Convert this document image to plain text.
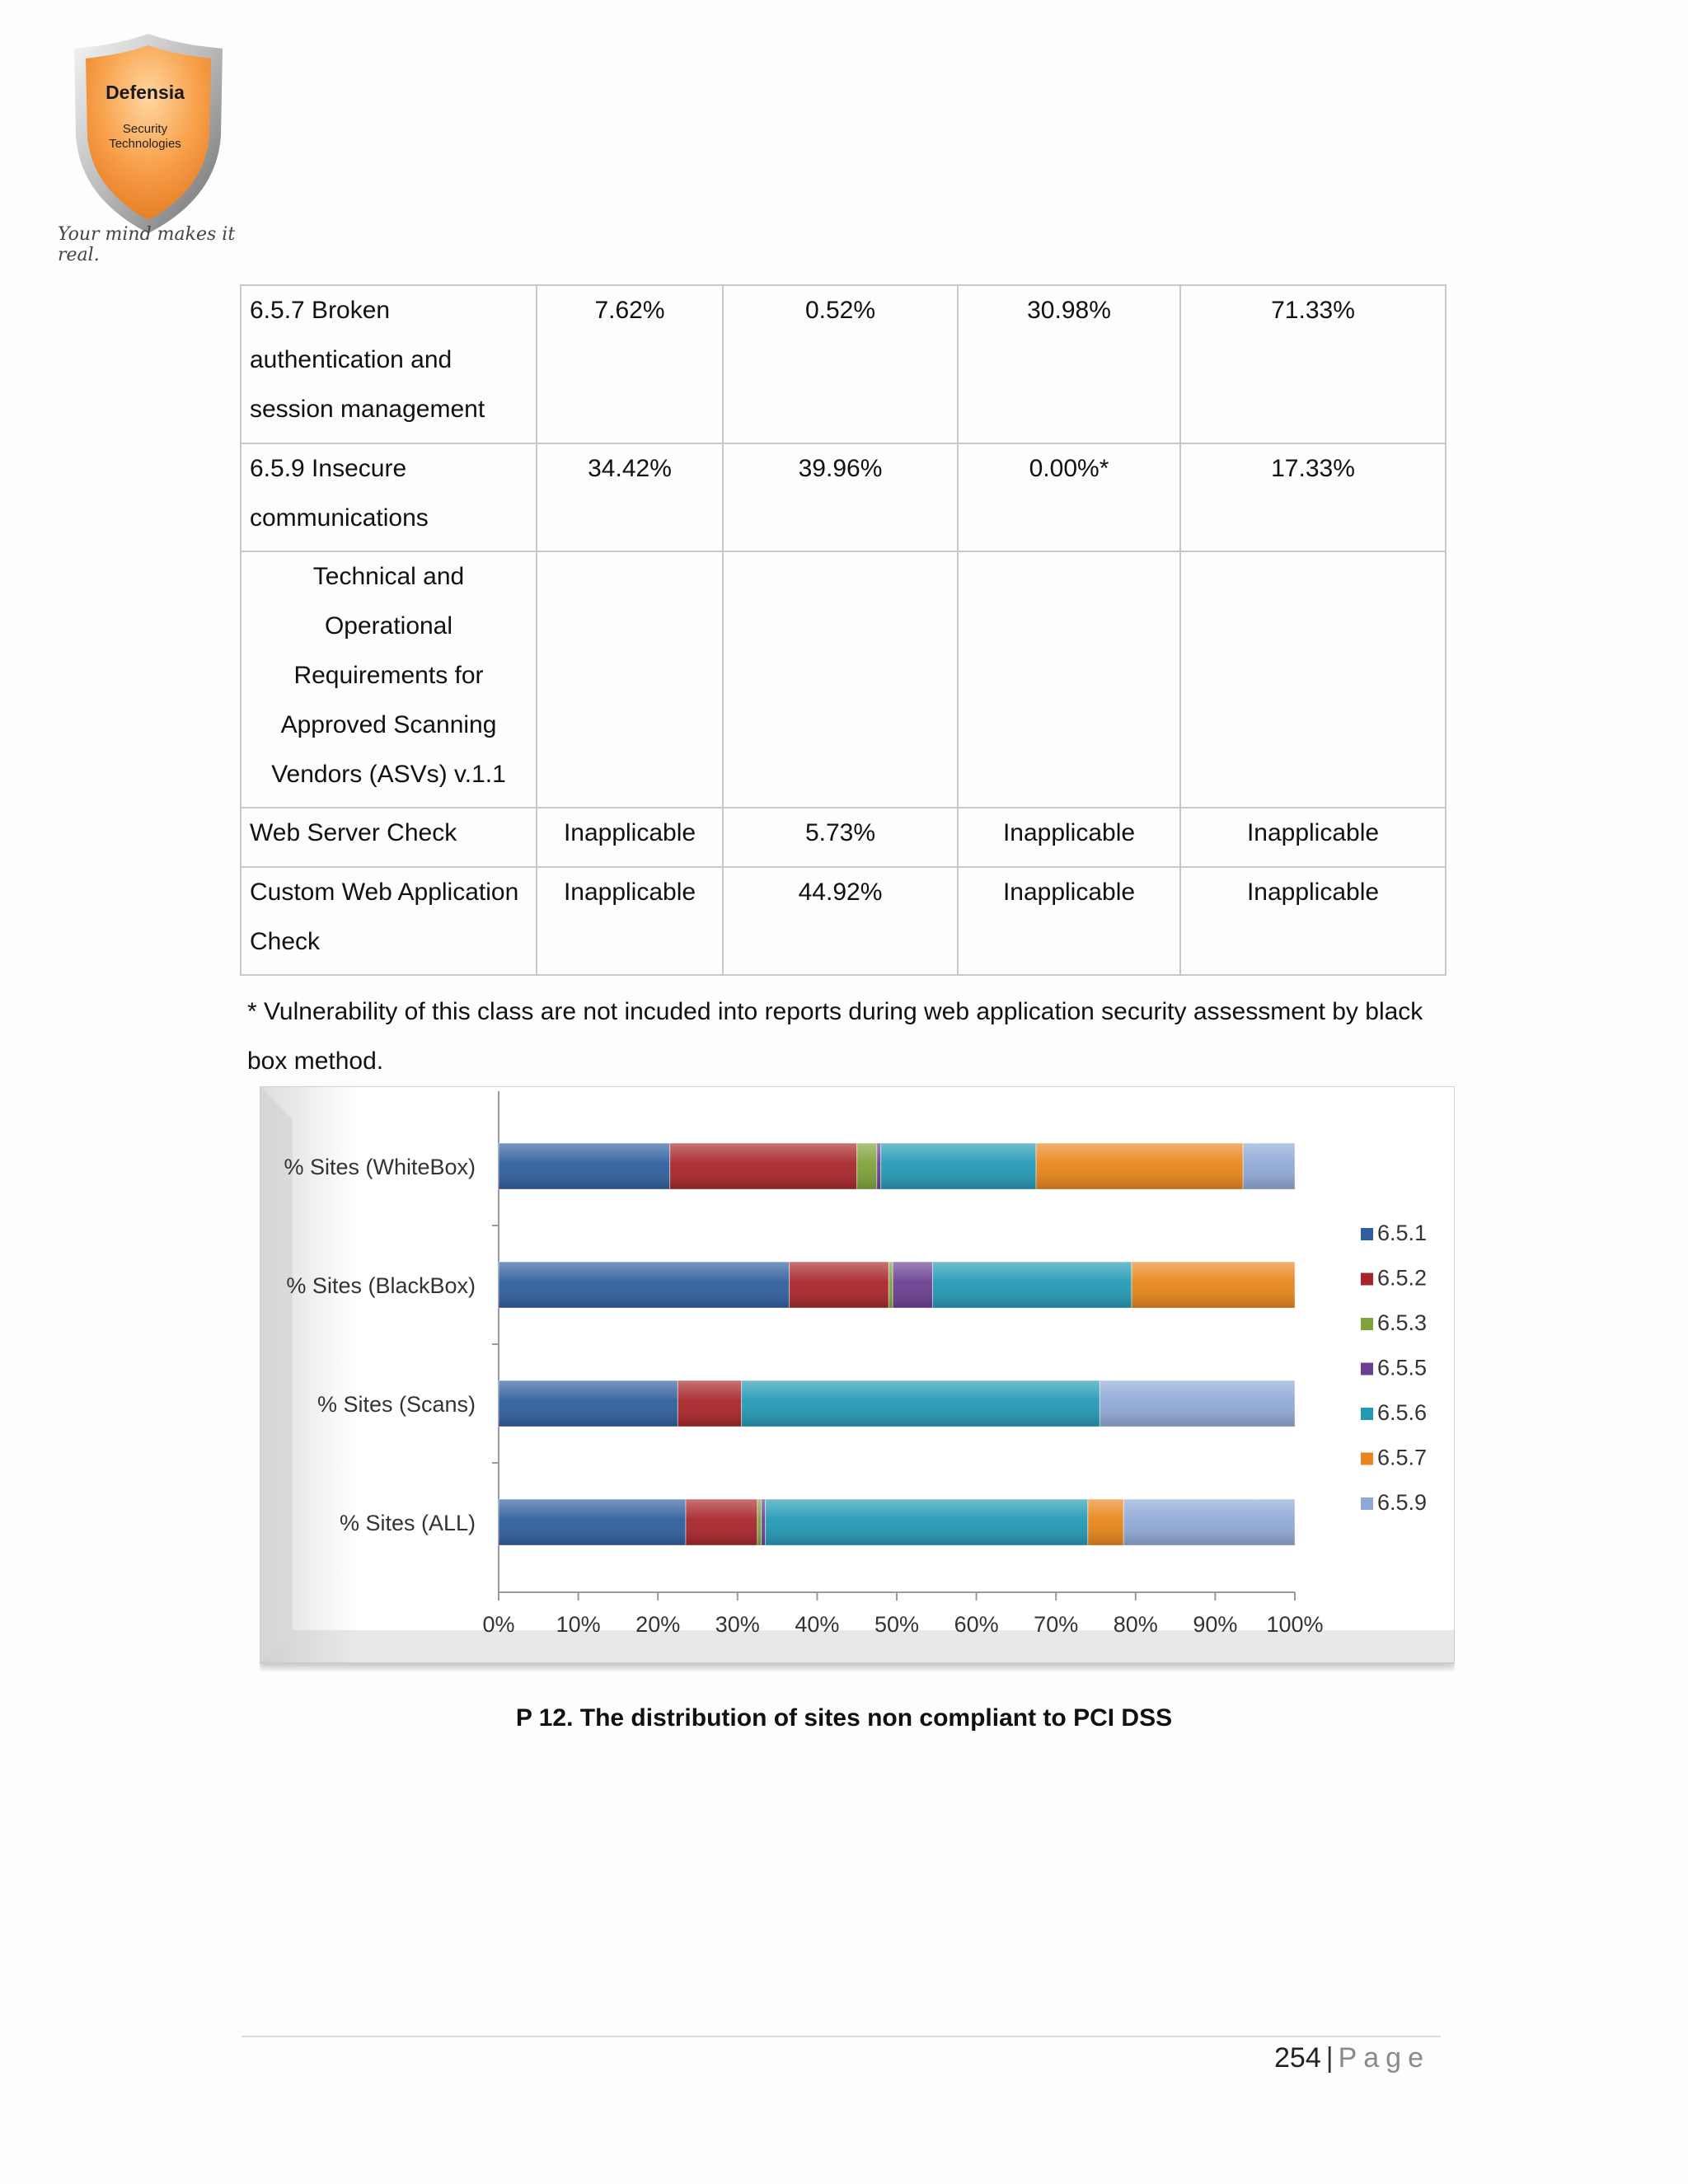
Defensia
Security
Technologies
Your mind makes it real.
6.5.7 Broken authentication and session management	7.62%	0.52%	30.98%	71.33%
6.5.9 Insecure communications	34.42%	39.96%	0.00%*	17.33%
Technical and Operational Requirements for Approved Scanning Vendors (ASVs) v.1.1				
Web Server Check	Inapplicable	5.73%	Inapplicable	Inapplicable
Custom Web Application Check	Inapplicable	44.92%	Inapplicable	Inapplicable

* Vulnerability of this class are not incuded into reports during web application security assessment by black box method.

0% 10% 20% 30% 40% 50% 60% 70% 80% 90% 100%
% Sites (WhiteBox)
% Sites (BlackBox)
% Sites (Scans)
% Sites (ALL)
6.5.1
6.5.2
6.5.3
6.5.5
6.5.6
6.5.7
6.5.9
P 12. The distribution of sites non compliant to PCI DSS
254 | Page
